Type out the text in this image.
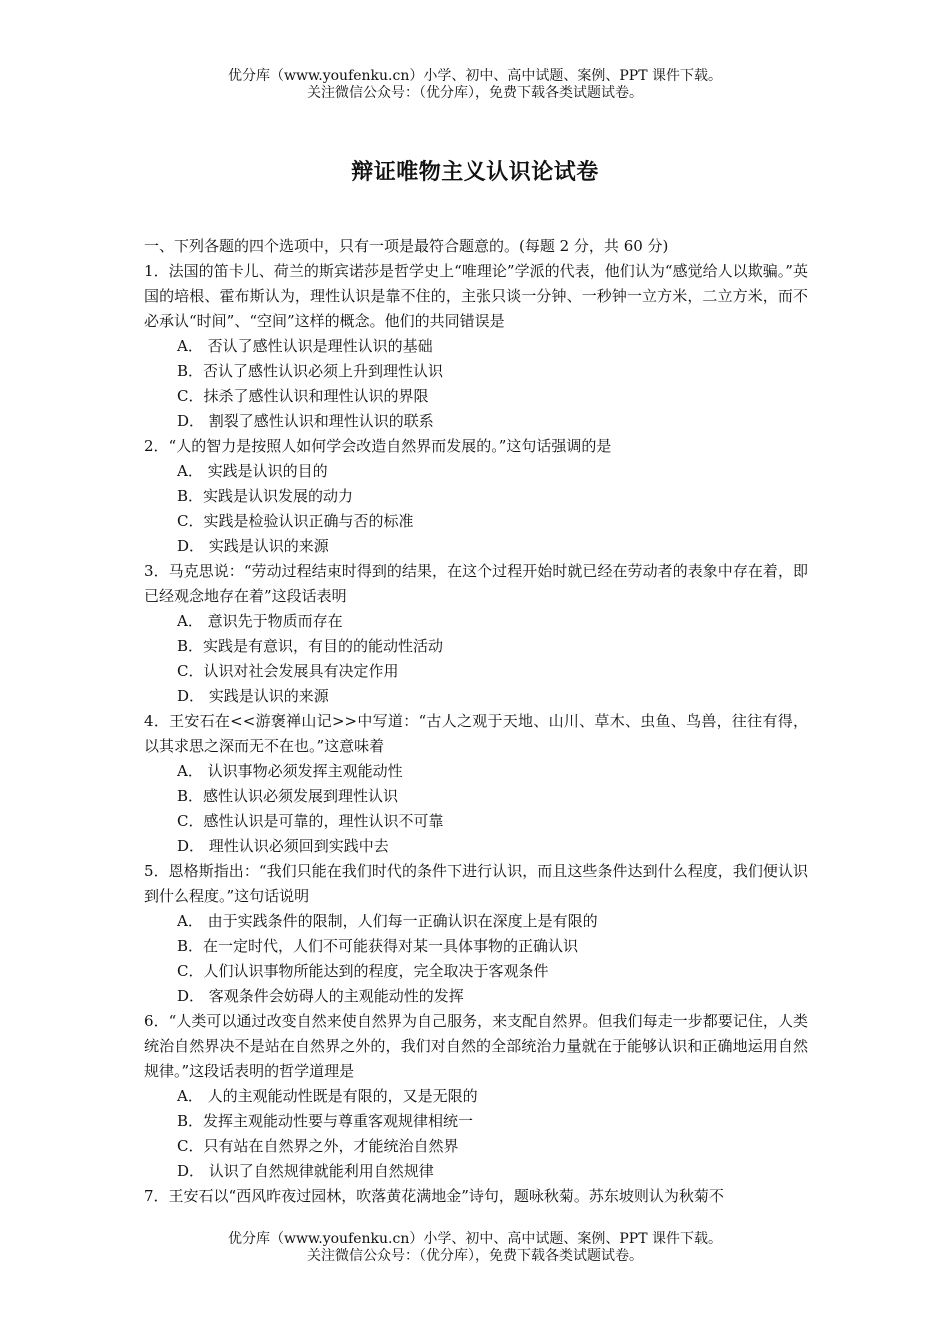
优分库（www.youfenku.cn）小学、初中、高中试题、案例、PPT 课件下载。
关注微信公众号：（优分库），免费下载各类试题试卷。
辩证唯物主义认识论试卷

一、下列各题的四个选项中，只有一项是最符合题意的。(每题 2 分，共 60 分)

1．法国的笛卡儿、荷兰的斯宾诺莎是哲学史上“唯理论”学派的代表，他们认为“感觉给人以欺骗。”英国的培根、霍布斯认为，理性认识是靠不住的，主张只谈一分钟、一秒钟一立方米，二立方米，而不必承认“时间”、“空间”这样的概念。他们的共同错误是

A． 否认了感性认识是理性认识的基础

B．否认了感性认识必须上升到理性认识

C．抹杀了感性认识和理性认识的界限

D． 割裂了感性认识和理性认识的联系

2．“人的智力是按照人如何学会改造自然界而发展的。”这句话强调的是

A． 实践是认识的目的

B．实践是认识发展的动力

C．实践是检验认识正确与否的标准

D． 实践是认识的来源

3．马克思说：“劳动过程结束时得到的结果，在这个过程开始时就已经在劳动者的表象中存在着，即已经观念地存在着”这段话表明

A． 意识先于物质而存在

B．实践是有意识，有目的的能动性活动

C．认识对社会发展具有决定作用

D． 实践是认识的来源

4．王安石在<<游褒禅山记>>中写道：“古人之观于天地、山川、草木、虫鱼、鸟兽，往往有得，以其求思之深而无不在也。”这意味着

A． 认识事物必须发挥主观能动性

B．感性认识必须发展到理性认识

C．感性认识是可靠的，理性认识不可靠

D． 理性认识必须回到实践中去

5．恩格斯指出：“我们只能在我们时代的条件下进行认识，而且这些条件达到什么程度，我们便认识到什么程度。”这句话说明

A． 由于实践条件的限制，人们每一正确认识在深度上是有限的

B．在一定时代，人们不可能获得对某一具体事物的正确认识

C．人们认识事物所能达到的程度，完全取决于客观条件

D． 客观条件会妨碍人的主观能动性的发挥

6．“人类可以通过改变自然来使自然界为自己服务，来支配自然界。但我们每走一步都要记住，人类统治自然界决不是站在自然界之外的，我们对自然的全部统治力量就在于能够认识和正确地运用自然规律。”这段话表明的哲学道理是

A． 人的主观能动性既是有限的，又是无限的

B．发挥主观能动性要与尊重客观规律相统一

C．只有站在自然界之外，才能统治自然界

D． 认识了自然规律就能利用自然规律

7．王安石以“西风昨夜过园林，吹落黄花满地金”诗句，题咏秋菊。苏东坡则认为秋菊不

优分库（www.youfenku.cn）小学、初中、高中试题、案例、PPT 课件下载。
关注微信公众号：（优分库），免费下载各类试题试卷。
